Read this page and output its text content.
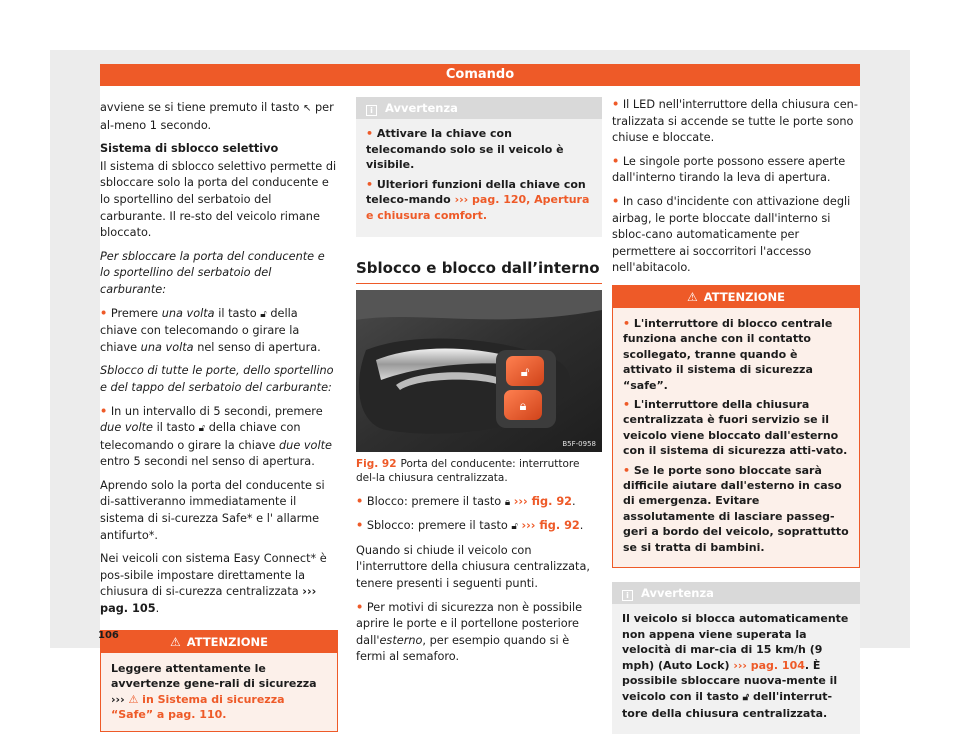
Comando

avviene se si tiene premuto il tasto ↖ per al-meno 1 secondo.

Sistema di sblocco selettivo

Il sistema di sblocco selettivo permette di sbloccare solo la porta del conducente e lo sportellino del serbatoio del carburante. Il re-sto del veicolo rimane bloccato.

Per sbloccare la porta del conducente e lo sportellino del serbatoio del carburante:

• Premere una volta il tasto 🔓︎ della chiave con telecomando o girare la chiave una volta nel senso di apertura.

Sblocco di tutte le porte, dello sportellino e del tappo del serbatoio del carburante:

• In un intervallo di 5 secondi, premere due volte il tasto 🔓︎ della chiave con telecomando o girare la chiave due volte entro 5 secondi nel senso di apertura.

Aprendo solo la porta del conducente si di-sattiveranno immediatamente il sistema di si-curezza Safe* e l' allarme antifurto*.

Nei veicoli con sistema Easy Connect* è pos-sibile impostare direttamente la chiusura di si-curezza centralizzata ››› pag. 105.

⚠︎ ATTENZIONE
Leggere attentamente le avvertenze gene-rali di sicurezza ››› ⚠︎ in Sistema di sicurezza “Safe” a pag. 110.
106
i Avvertenza

• Attivare la chiave con telecomando solo se il veicolo è visibile.

• Ulteriori funzioni della chiave con teleco-mando ››› pag. 120, Apertura e chiusura comfort.

Sblocco e blocco dall’interno
🔓︎
🔒︎
B5F-0958
Fig. 92 Porta del conducente: interruttore del-la chiusura centralizzata.

• Blocco: premere il tasto 🔒︎ ››› fig. 92.

• Sblocco: premere il tasto 🔓︎ ››› fig. 92.

Quando si chiude il veicolo con l'interruttore della chiusura centralizzata, tenere presenti i seguenti punti.

• Per motivi di sicurezza non è possibile aprire le porte e il portellone posteriore dall'esterno, per esempio quando si è fermi al semaforo.

• Il LED nell'interruttore della chiusura cen-tralizzata si accende se tutte le porte sono chiuse e bloccate.

• Le singole porte possono essere aperte dall'interno tirando la leva di apertura.

• In caso d'incidente con attivazione degli airbag, le porte bloccate dall'interno si sbloc-cano automaticamente per permettere ai soccorritori l'accesso nell'abitacolo.

⚠︎ ATTENZIONE

• L'interruttore di blocco centrale funziona anche con il contatto scollegato, tranne quando è attivato il sistema di sicurezza “safe”.

• L'interruttore della chiusura centralizzata è fuori servizio se il veicolo viene bloccato dall'esterno con il sistema di sicurezza atti-vato.

• Se le porte sono bloccate sarà difficile aiutare dall'esterno in caso di emergenza. Evitare assolutamente di lasciare passeg-geri a bordo del veicolo, soprattutto se si tratta di bambini.

i Avvertenza

Il veicolo si blocca automaticamente non appena viene superata la velocità di mar-cia di 15 km/h (9 mph) (Auto Lock) ››› pag. 104. È possibile sbloccare nuova-mente il veicolo con il tasto 🔓︎ dell'interrut-tore della chiusura centralizzata.
